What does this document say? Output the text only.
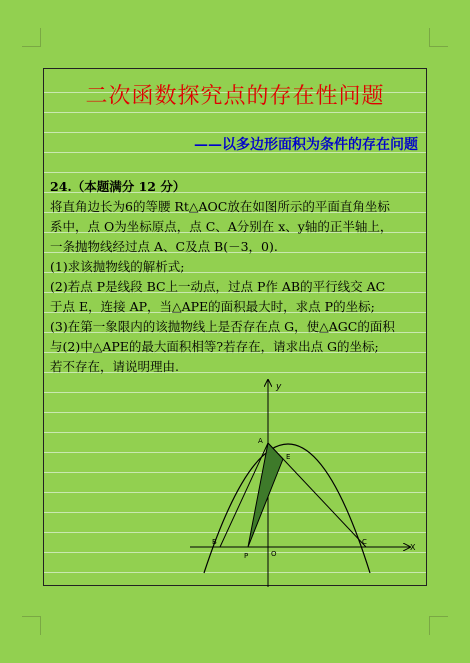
二次函数探究点的存在性问题
——以多边形面积为条件的存在问题

24.（本题满分 12 分）

将直角边长为6的等腰 Rt△AOC放在如图所示的平面直角坐标

系中，点 O为坐标原点，点 C、A分别在 x、y轴的正半轴上，

一条抛物线经过点 A、C及点 B(－3，0).

(1)求该抛物线的解析式;

(2)若点 P是线段 BC上一动点，过点 P作 AB的平行线交 AC

于点 E，连接 AP，当△APE的面积最大时，求点 P的坐标;

(3)在第一象限内的该抛物线上是否存在点 G，使△AGC的面积

与(2)中△APE的最大面积相等?若存在，请求出点 G的坐标;

若不存在，请说明理由.

y
X
A
E
B
P	O
C
